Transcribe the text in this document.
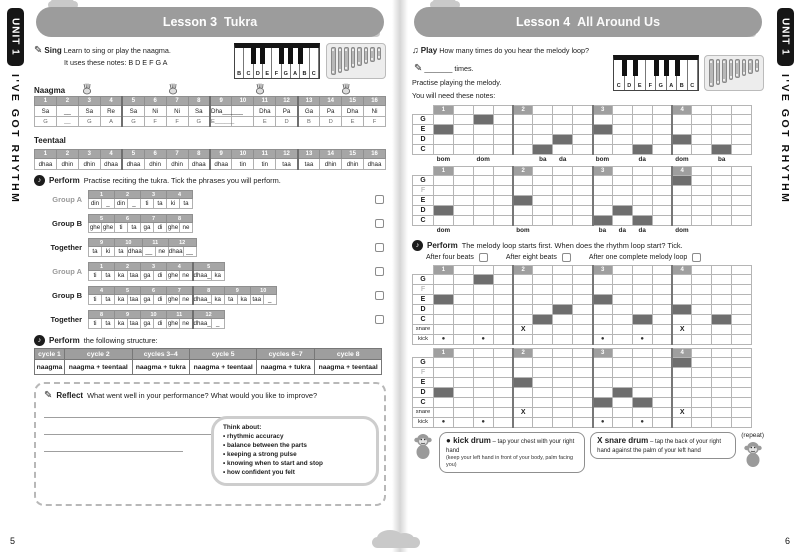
UNIT 1
I'VE GOT RHYTHM
Lesson 3 Tukra
✎ Sing Learn to sing or play the naagma.
It uses these notes: B D E F G A
B C D	E	F	G A B C
Naagma
1	2	3	4	5	6	7	8	9	10	11	12	13	14	15	16
Sa	__	Sa	Re	Sa	Ni	Ni	Sa	Dha______		Dha	Pa	Ga	Pa	Dha	Ni
G	__	G	A	G	F	F	G	E______		E	D	B	D	E	F
Teentaal
1	2	3	4	5	6	7	8	9	10	11	12	13	14	15	16
dhaa	dhin	dhin	dhaa	dhaa	dhin	dhin	dhaa	dhaa	tin	tin	taa	taa	dhin	dhin	dhaa
♪ Perform Practise reciting the tukra. Tick the phrases you will perform.
Group A
1		2		3		4	
din	_	din	_	ti	ta	ki	ta
Group B
5		6		7		8	
ghe	ghe	ti	ta	ga	di	ghe	ne
Together
9		10		11		12	
ta	ki	ta	dhaa	__	ne	dhaa	__
Group A
1		2		3		4		5	
ti	ta	ka	taa	ga	di	ghe	ne	dhaa_	ka
Group B
4		5		6		7		8		9		10	
ti	ta	ka	taa	ga	di	ghe	ne	dhaa_	ka	ta	ka	taa	_
Together
8		9		10		11		12	
ti	ta	ka	taa	ga	di	ghe	ne	dhaa_	_
♪ Perform the following structure:
cycle 1	cycle 2	cycles 3–4	cycle 5	cycles 6–7	cycle 8
naagma	naagma + teentaal	naagma + tukra	naagma + teentaal	naagma + tukra	naagma + teentaal
✎ Reflect What went well in your performance? What would you like to improve?
Think about:
• rhythmic accuracy
• balance between the parts
• keeping a strong pulse
• knowing when to start and stop
• how confident you felt
5
Lesson 4 All Around Us
♫ Play How many times do you hear the melody loop?
✎ _______ times.
Practise playing the melody.
You will need these notes:
C	D	E	F	G	A	B	C
	1				2				3				4			
G																
E																
D																
C																
	bom		dom			ba	da		bom		da		dom		ba	
	1				2				3				4			
G																
F																
E																
D																
C																
	dom				bom				ba	da	da		dom			
♪ Perform The melody loop starts first. When does the rhythm loop start? Tick.
After four beats	After eight beats	After one complete melody loop
	1				2				3				4			
G																
F																
E																
D																
C																
snare					X								X			
kick	●		●						●		●					
	1				2				3				4			
G																
F																
E																
D																
C																
snare					X								X			
kick	●		●						●		●					
● kick drum – tap your chest with your right hand
(keep your left hand in front of your body, palm facing you)
X snare drum – tap the back of your right hand against the palm of your left hand
(repeat)
UNIT 1
I'VE GOT RHYTHM
6
